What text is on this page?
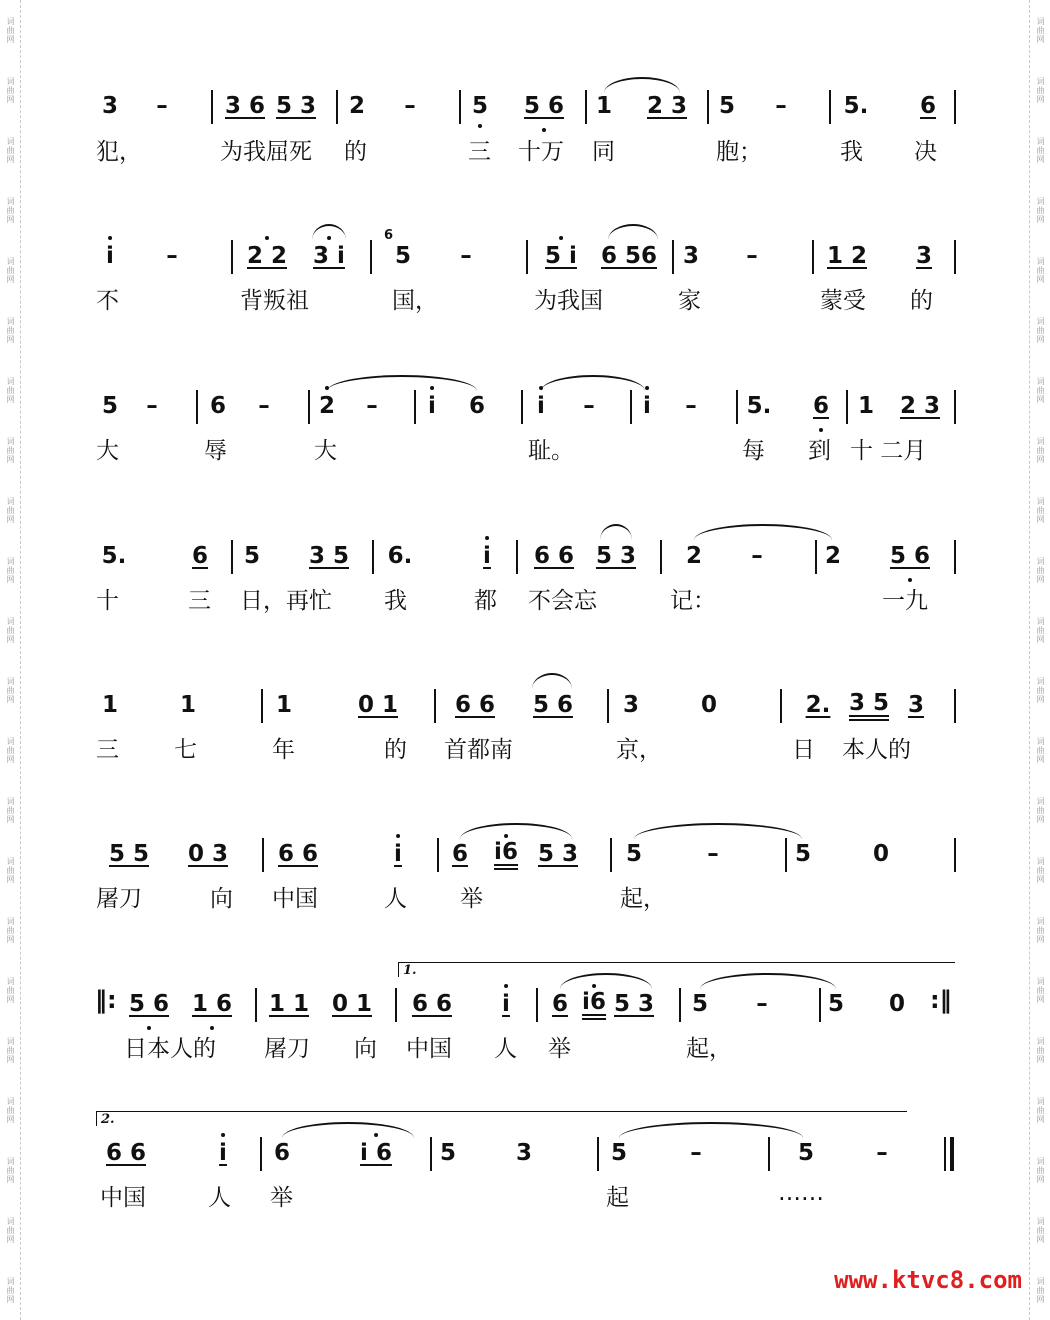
词曲网
词曲网
词曲网
词曲网
词曲网
词曲网
词曲网
词曲网
词曲网
词曲网
词曲网
词曲网
词曲网
词曲网
词曲网
词曲网
词曲网
词曲网
词曲网
词曲网
词曲网
词曲网
词曲网
词曲网
词曲网
词曲网
词曲网
词曲网
词曲网
词曲网
词曲网
词曲网
词曲网
词曲网
词曲网
词曲网
词曲网
词曲网
词曲网
词曲网
词曲网
词曲网
词曲网
词曲网
3 – 3 6 5 3 2 – 5 5 6 1 2 3 5 – 5. 6
犯，	为我屈死 的	三 十万 同	胞；	我 决
i –	2 2 3 i
6
5 –	5 i 6 56 3 –	1 2 3
不	背叛祖	国，	为我国	家	蒙受 的
5 – 6 – 2 – i 6 i – i – 5. 6 1 2 3
大	辱	大	耻。	每 到 十 二月
5.	6 5 3 5 6.	i 6 6 5 3 2 –	2 5 6
十	三 日，再忙 我	都 不会忘	记：	一九
1	1	1	0 1 6 6 5 6 3	0	2. 3 5 3
三 七	年	的 首都南	京，	日 本人的
5 5 0 3 6 6	i 6 i6 5 3 5	–	5	0
屠刀	向 中国	人 举	起，
1.
‖: 5 6 1 6 1 1 0 1 6 6 i 6 i6 5 3 5 –	5 0 :‖
日本人的 屠刀 向 中国 人 举	起，
2.
6 6	i 6	i 6 5	3	5	–	5	–
中国	人 举	起	……
www.ktvc8.com
